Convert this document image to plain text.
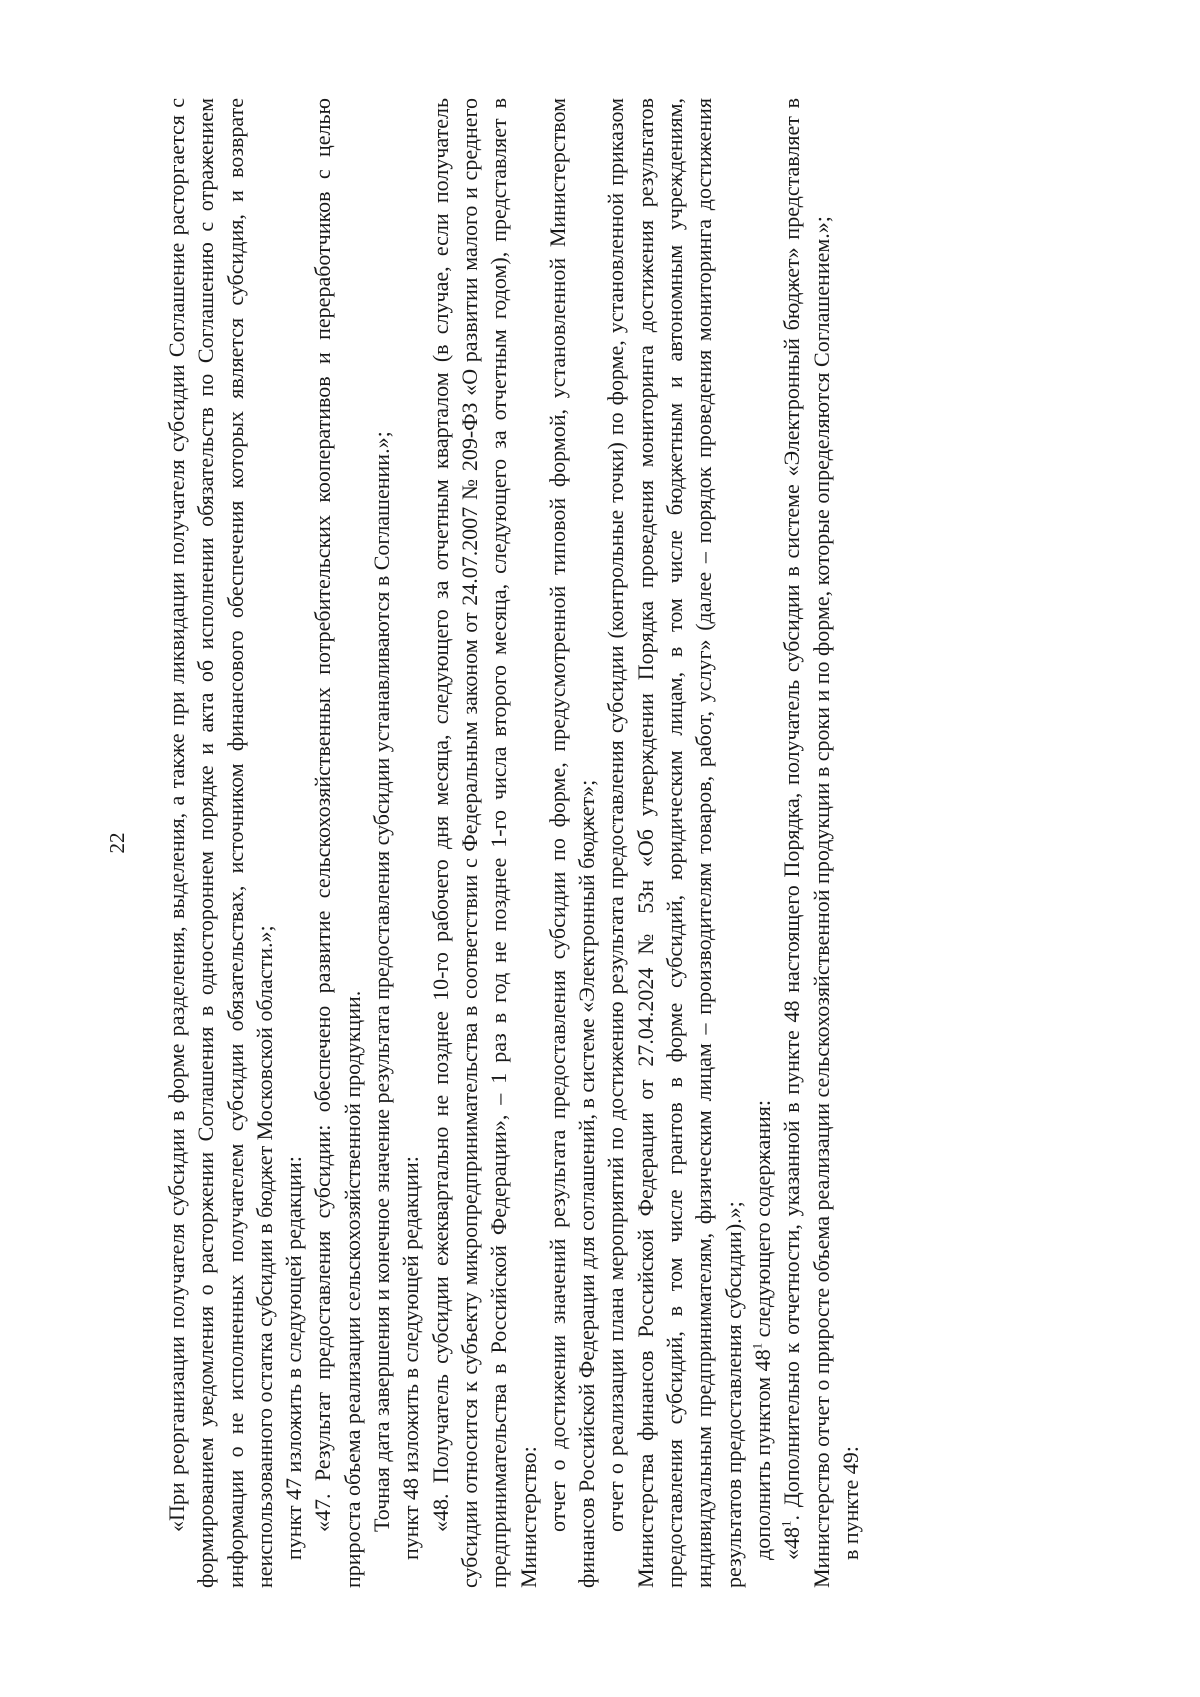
22 «При реорганизации получателя субсидии в форме разделения, выделения, а также при ликвидации получателя субсидии Соглашение расторгается с формированием уведомления о расторжении Соглашения в одностороннем порядке и акта об исполнении обязательств по Соглашению с отражением информации о не исполненных получателем субсидии обязательствах, источником финансового обеспечения которых является субсидия, и возврате неиспользованного остатка субсидии в бюджет Московской области.»; пункт 47 изложить в следующей редакции: «47. Результат предоставления субсидии: обеспечено развитие сельскохозяйственных потребительских кооперативов и переработчиков с целью прироста объема реализации сельскохозяйственной продукции. Точная дата завершения и конечное значение результата предоставления субсидии устанавливаются в Соглашении.»; пункт 48 изложить в следующей редакции: «48. Получатель субсидии ежеквартально не позднее 10-го рабочего дня месяца, следующего за отчетным кварталом (в случае, если получатель субсидии относится к субъекту микропредпринимательства в соответствии с Федеральным законом от 24.07.2007 № 209-ФЗ «О развитии малого и среднего предпринимательства в Российской Федерации», – 1 раз в год не позднее 1-го числа второго месяца, следующего за отчетным годом), представляет в Министерство: отчет о достижении значений результата предоставления субсидии по форме, предусмотренной типовой формой, установленной Министерством финансов Российской Федерации для соглашений, в системе «Электронный бюджет»; отчет о реализации плана мероприятий по достижению результата предоставления субсидии (контрольные точки) по форме, установленной приказом Министерства финансов Российской Федерации от 27.04.2024 № 53н «Об утверждении Порядка проведения мониторинга достижения результатов предоставления субсидий, в том числе грантов в форме субсидий, юридическим лицам, в том числе бюджетным и автономным учреждениям, индивидуальным предпринимателям, физическим лицам – производителям товаров, работ, услуг» (далее – порядок проведения мониторинга достижения результатов предоставления субсидии).»; дополнить пунктом $48^1$ следующего содержания:

«$48^1$. Дополнительно к отчетности, указанной в пункте 48 настоящего Порядка, получатель субсидии в системе «Электронный бюджет» представляет в Министерство отчет о приросте объема реализации сельскохозяйственной продукции в сроки и по форме, которые определяются Соглашением.»; в пункте 49:
